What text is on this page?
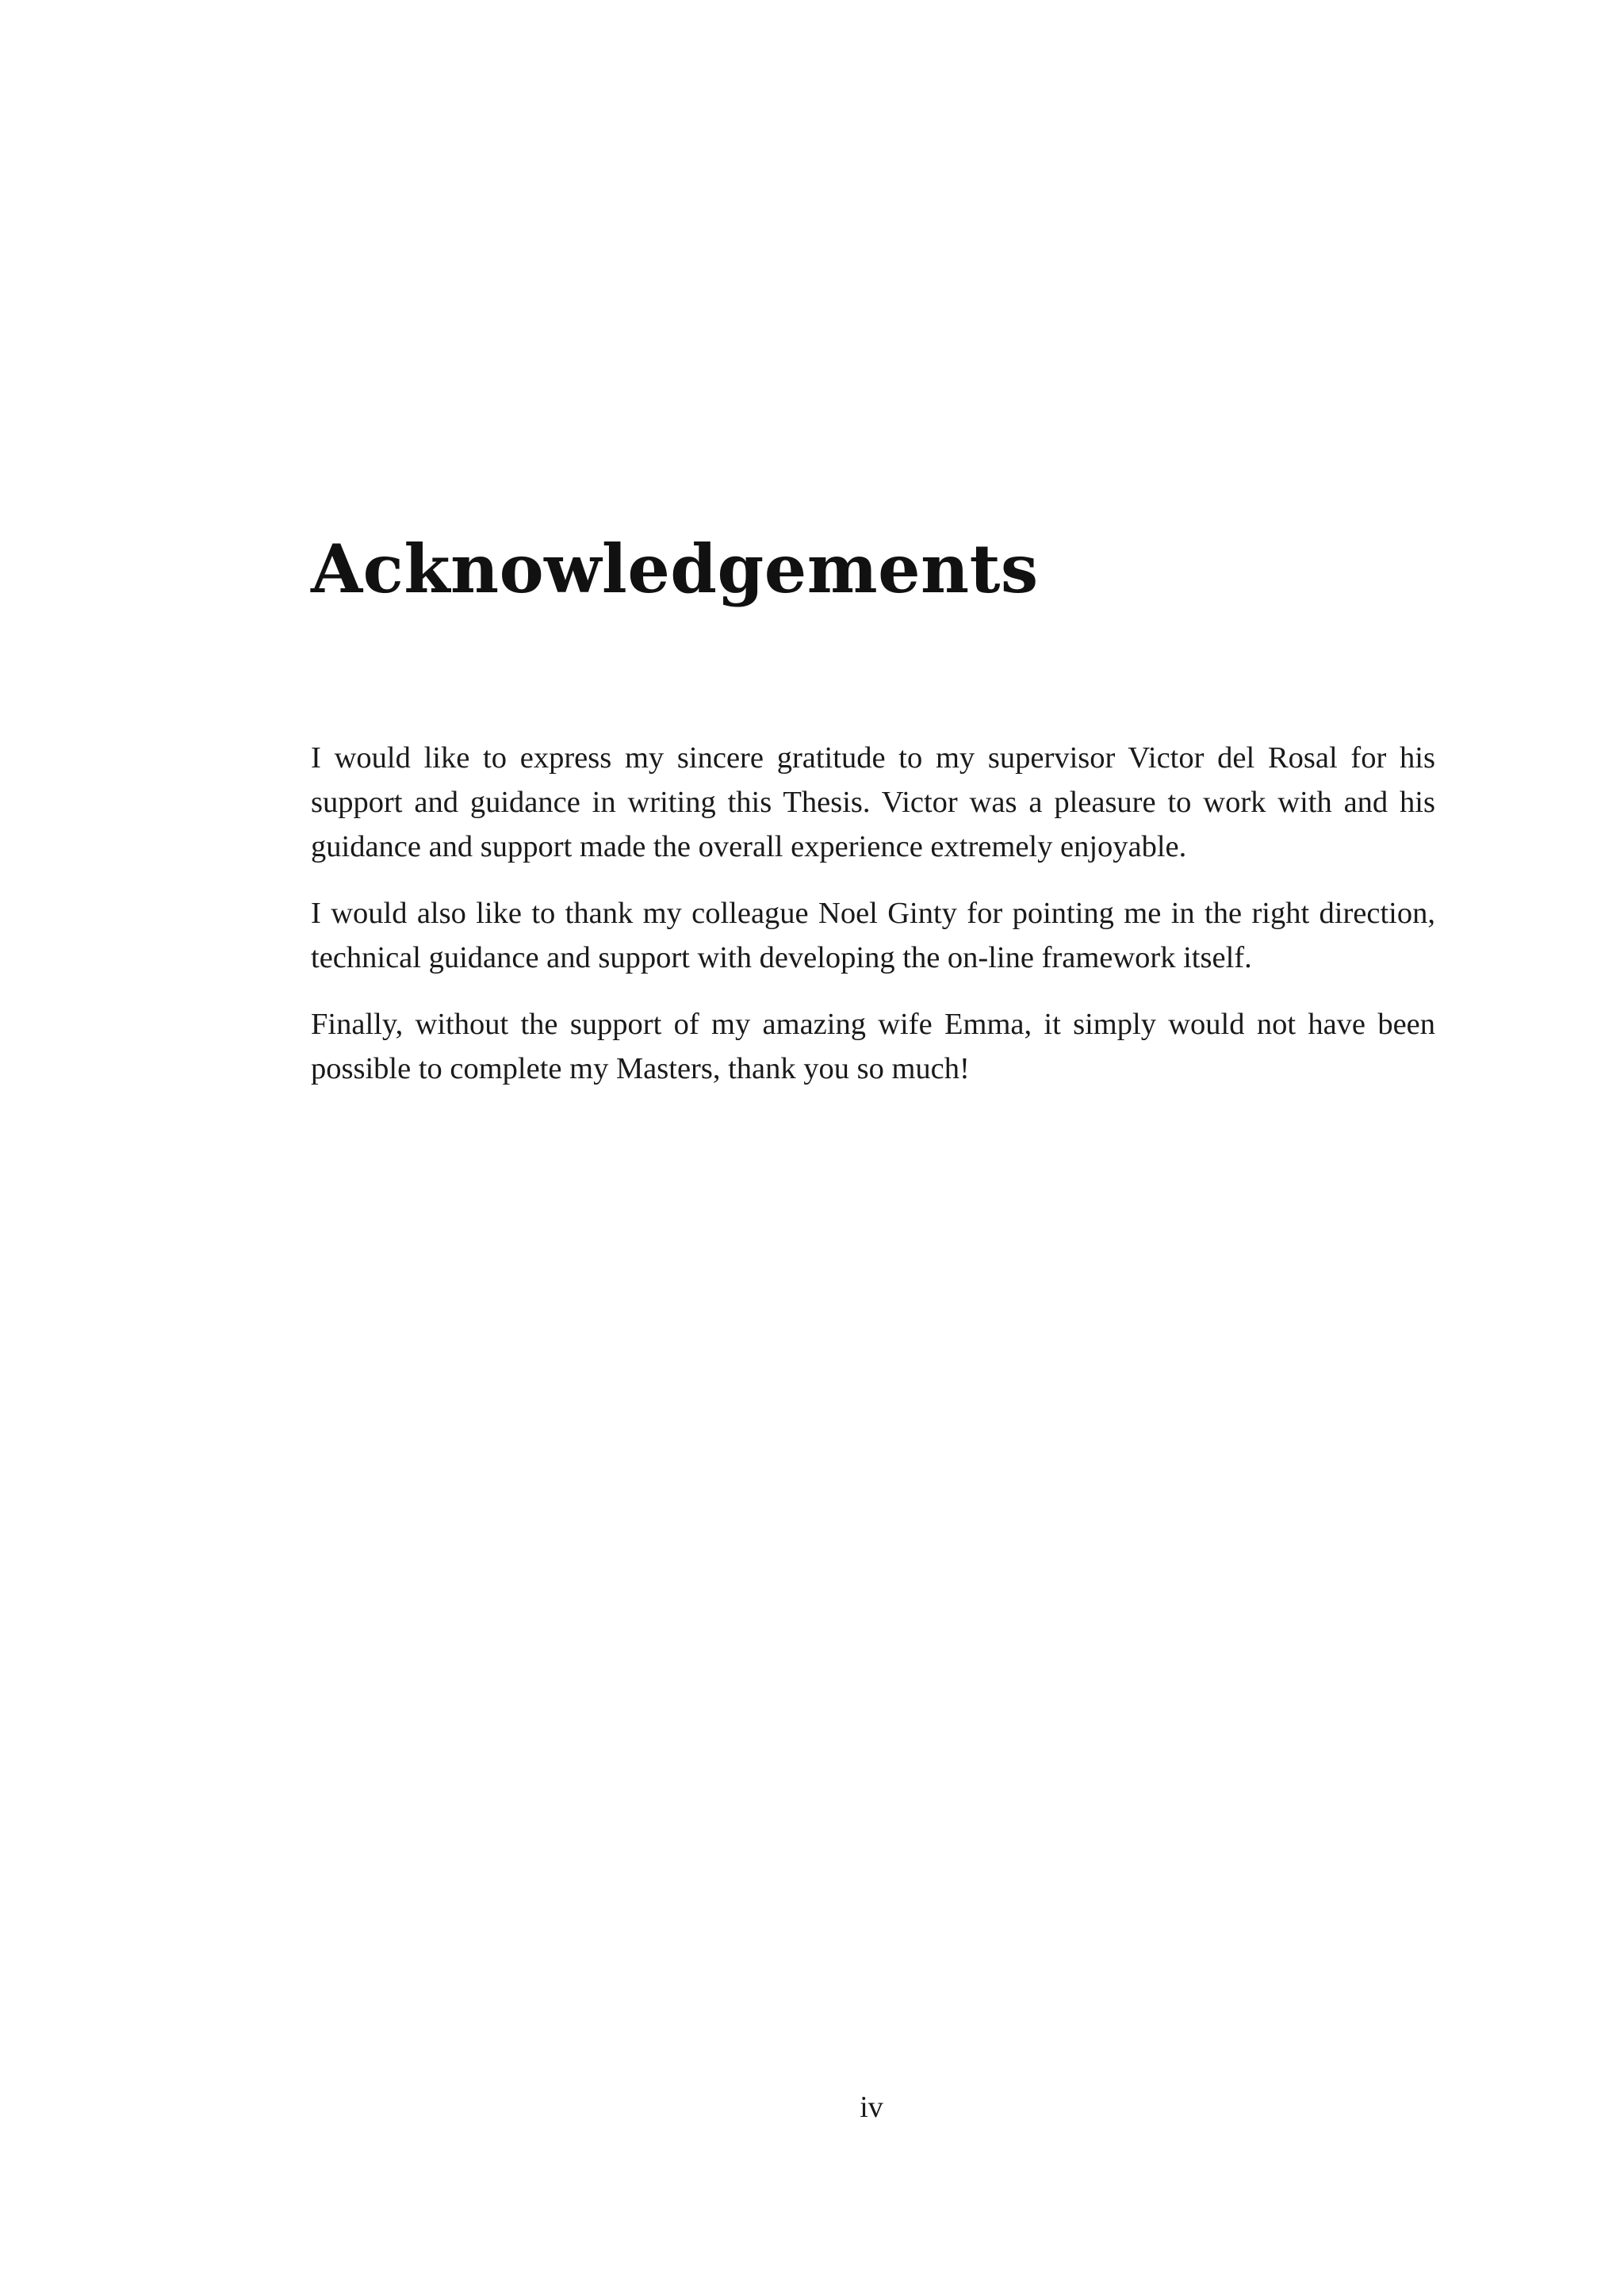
Acknowledgements

I would like to express my sincere gratitude to my supervisor Victor del Rosal for his support and guidance in writing this Thesis. Victor was a pleasure to work with and his guidance and support made the overall experience extremely enjoyable.

I would also like to thank my colleague Noel Ginty for pointing me in the right direction, technical guidance and support with developing the on-line framework itself.

Finally, without the support of my amazing wife Emma, it simply would not have been possible to complete my Masters, thank you so much!

iv
